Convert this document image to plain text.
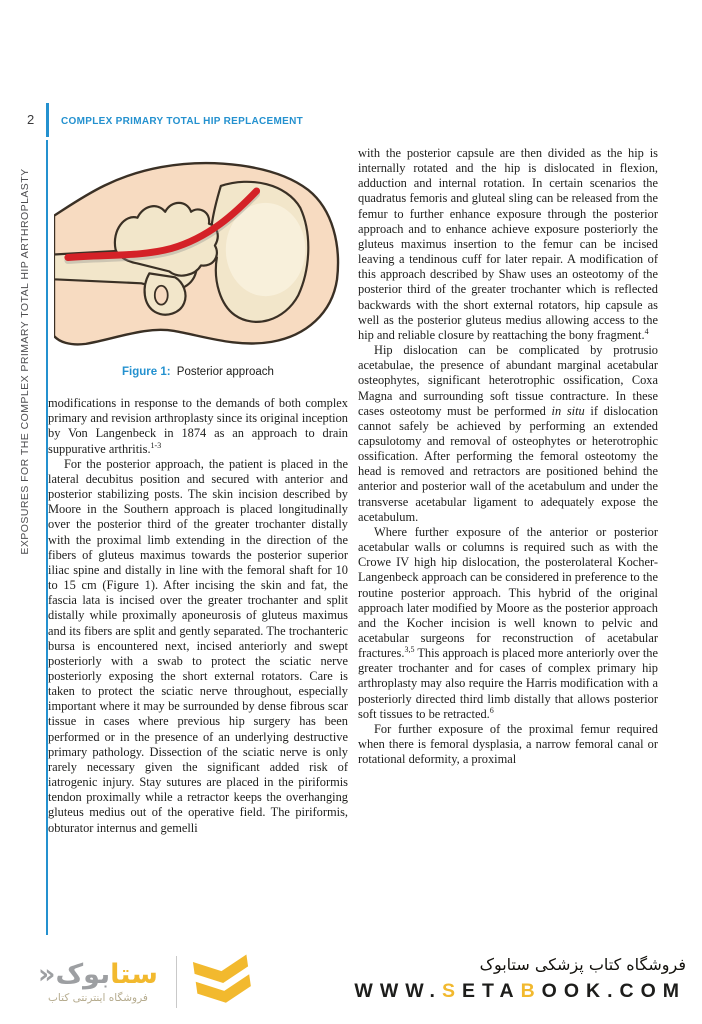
2	COMPLEX PRIMARY TOTAL HIP REPLACEMENT
EXPOSURES FOR THE COMPLEX PRIMARY TOTAL HIP ARTHROPLASTY	Figure 1: Posterior approach

modifications in response to the demands of both complex primary and revision arthroplasty since its original inception by Von Langenbeck in 1874 as an approach to drain suppurative arthritis.$^{1-3}$

For the posterior approach, the patient is placed in the lateral decubitus position and secured with anterior and posterior stabilizing posts. The skin incision described by Moore in the Southern approach is placed longitudinally over the posterior third of the greater trochanter distally with the proximal limb extending in the direction of the fibers of gluteus maximus towards the posterior superior iliac spine and distally in line with the femoral shaft for 10 to 15 cm (Figure 1). After incising the skin and fat, the fascia lata is incised over the greater trochanter and split distally while proximally aponeurosis of gluteus maximus and its fibers are split and gently separated. The trochanteric bursa is encountered next, incised anteriorly and swept posteriorly with a swab to protect the sciatic nerve posteriorly exposing the short external rotators. Care is taken to protect the sciatic nerve throughout, especially important where it may be surrounded by dense fibrous scar tissue in cases where previous hip surgery has been performed or in the presence of an underlying destructive primary pathology. Dissection of the sciatic nerve is only rarely necessary given the significant added risk of iatrogenic injury. Stay sutures are placed in the piriformis tendon proximally while a retractor keeps the overhanging gluteus medius out of the operative field. The piriformis, obturator internus and gemelli

with the posterior capsule are then divided as the hip is internally rotated and the hip is dislocated in flexion, adduction and internal rotation. In certain scenarios the quadratus femoris and gluteal sling can be released from the femur to further enhance exposure through the posterior approach and to enhance achieve exposure posteriorly the gluteus maximus insertion to the femur can be incised leaving a tendinous cuff for later repair. A modification of this approach described by Shaw uses an osteotomy of the posterior third of the greater trochanter which is reflected backwards with the short external rotators, hip capsule as well as the posterior gluteus medius allowing access to the hip and reliable closure by reattaching the bony fragment.$^4$

Hip dislocation can be complicated by protrusio acetabulae, the presence of abundant marginal acetabular osteophytes, significant heterotrophic ossification, Coxa Magna and surrounding soft tissue contracture. In these cases osteotomy must be performed in situ if dislocation cannot safely be achieved by performing an extended capsulotomy and removal of osteophytes or heterotrophic ossification. After performing the femoral osteotomy the head is removed and retractors are positioned behind the anterior and posterior wall of the acetabulum and under the transverse acetabular ligament to adequately expose the acetabulum.

Where further exposure of the anterior or posterior acetabular walls or columns is required such as with the Crowe IV high hip dislocation, the posterolateral Kocher-Langenbeck approach can be considered in preference to the routine posterior approach. This hybrid of the original approach later modified by Moore as the posterior approach and the Kocher incision is well known to pelvic and acetabular surgeons for reconstruction of acetabular fractures.$^{3,5}$ This approach is placed more anteriorly over the greater trochanter and for cases of complex primary hip arthroplasty may also require the Harris modification with a posteriorly directed third limb distally that allows posterior soft tissues to be retracted.$^6$

For further exposure of the proximal femur required when there is femoral dysplasia, a narrow femoral canal or rotational deformity, a proximal

ستابوک«
فروشگاه اینترنتی کتاب
فروشگاه کتاب پزشکی ستابوک
WWW.SETABOOK.COM
